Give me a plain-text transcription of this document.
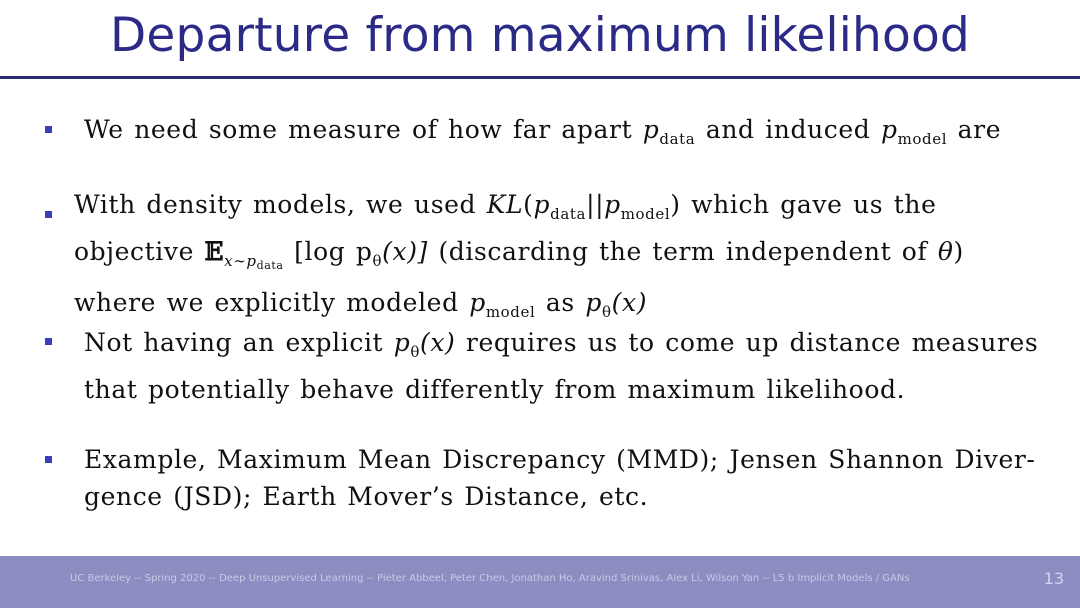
Departure from maximum likelihood
We need some measure of how far apart $p_{data}$ and induced $p_{model}$ are
With density models, we used $KL(p_{data}||p_{model})$ which gave us the
objective 𝔼$_{x\sim p_{data}}$ [log $p_\theta(x)$] (discarding the term independent of θ)
where we explicitly modeled $p_{model}$ as $p_\theta(x)$
Not having an explicit $p_\theta(x)$ requires us to come up distance measures
that potentially behave differently from maximum likelihood.
Example, Maximum Mean Discrepancy (MMD); Jensen Shannon Diver-
gence (JSD); Earth Mover’s Distance, etc.
UC Berkeley -- Spring 2020 -- Deep Unsupervised Learning -- Pieter Abbeel, Peter Chen, Jonathan Ho, Aravind Srinivas, Alex Li, Wilson Yan -- L5 b Implicit Models / GANs	13
